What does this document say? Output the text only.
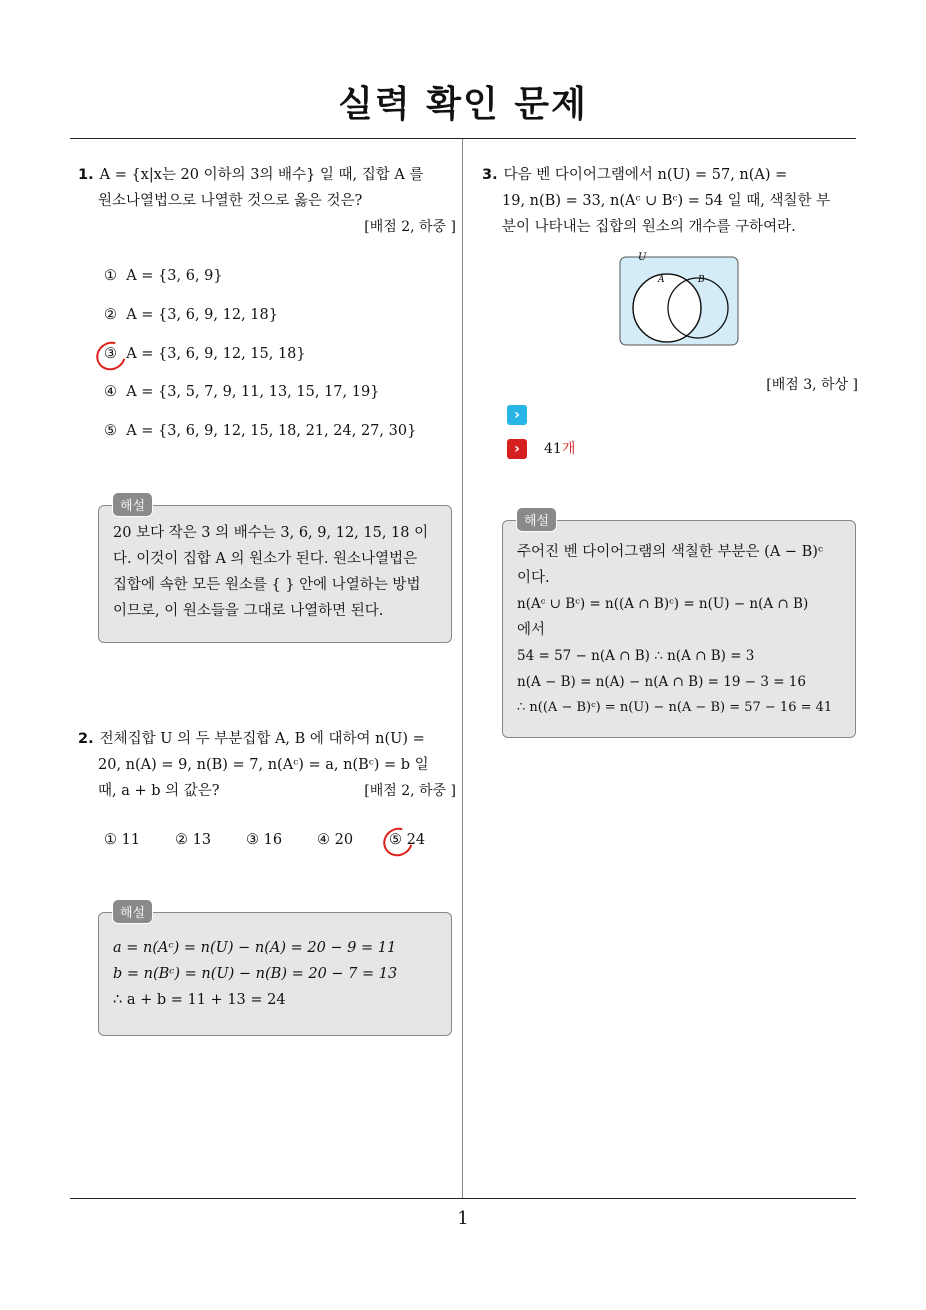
실력 확인 문제
1. A = {x|x는 20 이하의 3의 배수} 일 때, 집합 A 를
원소나열법으로 나열한 것으로 옳은 것은?
[배점 2, 하중 ]
① A = {3, 6, 9}
② A = {3, 6, 9, 12, 18}
③ A = {3, 6, 9, 12, 15, 18}
④ A = {3, 5, 7, 9, 11, 13, 15, 17, 19}
⑤ A = {3, 6, 9, 12, 15, 18, 21, 24, 27, 30}
20 보다 작은 3 의 배수는 3, 6, 9, 12, 15, 18 이
다. 이것이 집합 A 의 원소가 된다. 원소나열법은
집합에 속한 모든 원소를 { } 안에 나열하는 방법
이므로, 이 원소들을 그대로 나열하면 된다.
해설
2. 전체집합 U 의 두 부분집합 A, B 에 대하여 n(U) =
20, n(A) = 9, n(B) = 7, n(Aᶜ) = a, n(Bᶜ) = b 일
때, a + b 의 값은?	[배점 2, 하중 ]
① 11 ② 13 ③ 16 ④ 20 ⑤ 24
a = n(Aᶜ) = n(U) − n(A) = 20 − 9 = 11
b = n(Bᶜ) = n(U) − n(B) = 20 − 7 = 13
∴ a + b = 11 + 13 = 24
해설
3. 다음 벤 다이어그램에서 n(U) = 57, n(A) =
19, n(B) = 33, n(Aᶜ ∪ Bᶜ) = 54 일 때, 색칠한 부
분이 나타내는 집합의 원소의 개수를 구하여라.
U
A	B
[배점 3, 하상 ]
›
›	41개
주어진 벤 다이어그램의 색칠한 부분은 (A − B)ᶜ
이다.
n(Aᶜ ∪ Bᶜ) = n((A ∩ B)ᶜ) = n(U) − n(A ∩ B)
에서
54 = 57 − n(A ∩ B) ∴ n(A ∩ B) = 3
n(A − B) = n(A) − n(A ∩ B) = 19 − 3 = 16
∴ n((A − B)ᶜ) = n(U) − n(A − B) = 57 − 16 = 41
해설
1
